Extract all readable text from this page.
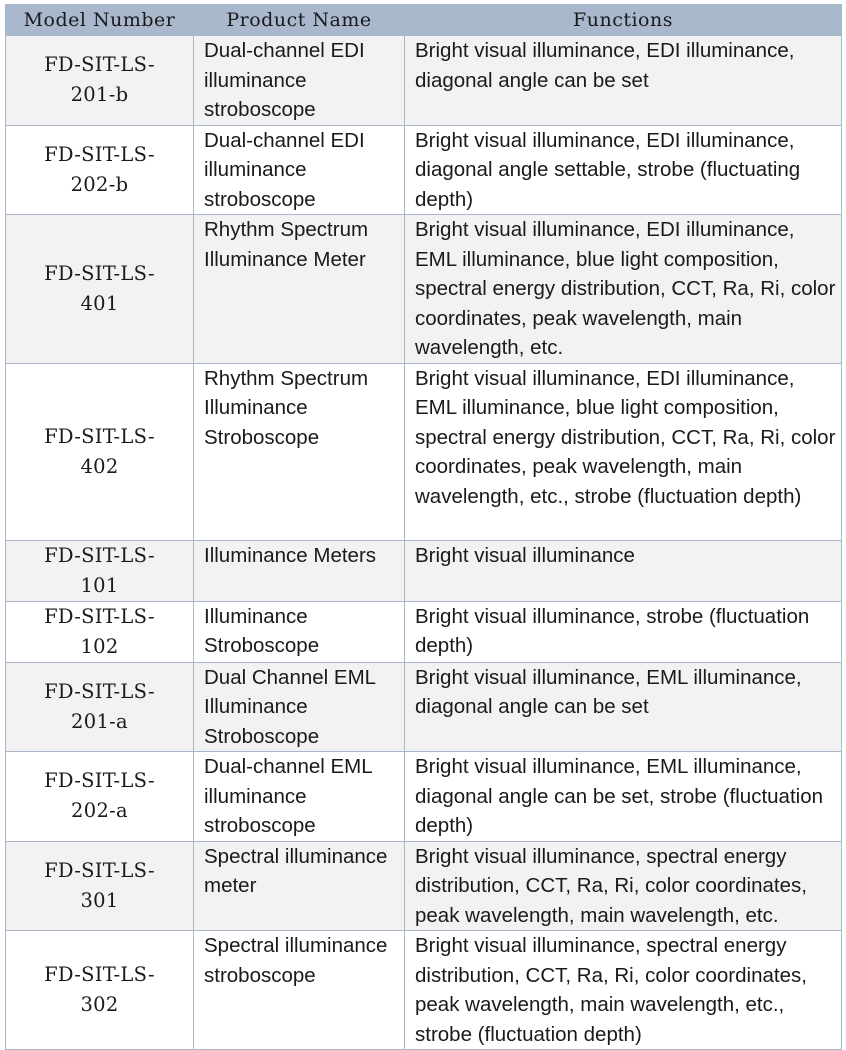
Model Number	Product Name	Functions
FD-SIT-LS-201-b	Dual-channel EDI illuminance stroboscope	Bright visual illuminance, EDI illuminance, diagonal angle can be set
FD-SIT-LS-202-b	Dual-channel EDI illuminance stroboscope	Bright visual illuminance, EDI illuminance, diagonal angle settable, strobe (fluctuating depth)
FD-SIT-LS-401	Rhythm Spectrum Illuminance Meter	Bright visual illuminance, EDI illuminance, EML illuminance, blue light composition, spectral energy distribution, CCT, Ra, Ri, color coordinates, peak wavelength, main wavelength, etc.
FD-SIT-LS-402	Rhythm Spectrum Illuminance Stroboscope	Bright visual illuminance, EDI illuminance, EML illuminance, blue light composition, spectral energy distribution, CCT, Ra, Ri, color coordinates, peak wavelength, main wavelength, etc., strobe (fluctuation depth)
FD-SIT-LS-101	Illuminance Meters	Bright visual illuminance
FD-SIT-LS-102	Illuminance Stroboscope	Bright visual illuminance, strobe (fluctuation depth)
FD-SIT-LS-201-a	Dual Channel EML Illuminance Stroboscope	Bright visual illuminance, EML illuminance, diagonal angle can be set
FD-SIT-LS-202-a	Dual-channel EML illuminance stroboscope	Bright visual illuminance, EML illuminance, diagonal angle can be set, strobe (fluctuation depth)
FD-SIT-LS-301	Spectral illuminance meter	Bright visual illuminance, spectral energy distribution, CCT, Ra, Ri, color coordinates, peak wavelength, main wavelength, etc.
FD-SIT-LS-302	Spectral illuminance stroboscope	Bright visual illuminance, spectral energy distribution, CCT, Ra, Ri, color coordinates, peak wavelength, main wavelength, etc., strobe (fluctuation depth)
